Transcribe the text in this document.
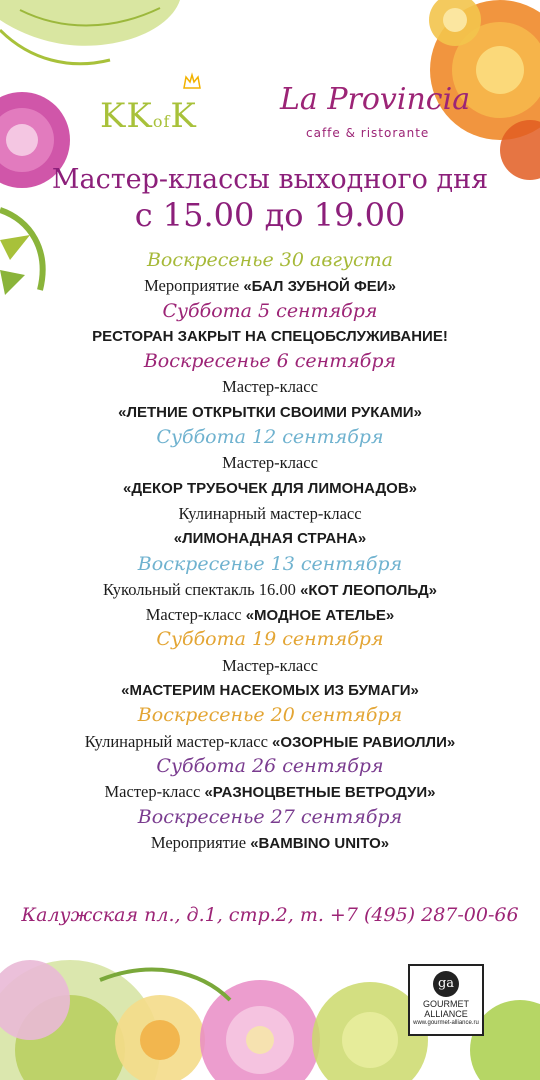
KKofK	La Provincia
caffe & ristorante
Мастер-классы выходного дня
с 15.00 до 19.00
Воскресенье 30 августа
Мероприятие «БАЛ ЗУБНОЙ ФЕИ»
Суббота 5 сентября
РЕСТОРАН ЗАКРЫТ НА СПЕЦОБСЛУЖИВАНИЕ!
Воскресенье 6 сентября
Мастер-класс
«ЛЕТНИЕ ОТКРЫТКИ СВОИМИ РУКАМИ»
Суббота 12 сентября
Мастер-класс
«ДЕКОР ТРУБОЧЕК ДЛЯ ЛИМОНАДОВ»
Кулинарный мастер-класс
«ЛИМОНАДНАЯ СТРАНА»
Воскресенье 13 сентября
Кукольный спектакль 16.00 «КОТ ЛЕОПОЛЬД»
Мастер-класс «МОДНОЕ АТЕЛЬЕ»
Суббота 19 сентября
Мастер-класс
«МАСТЕРИМ НАСЕКОМЫХ ИЗ БУМАГИ»
Воскресенье 20 сентября
Кулинарный мастер-класс «ОЗОРНЫЕ РАВИОЛЛИ»
Суббота 26 сентября
Мастер-класс «РАЗНОЦВЕТНЫЕ ВЕТРОДУИ»
Воскресенье 27 сентября
Мероприятие «BAMBINO UNITO»
Калужская пл., д.1, стр.2, т. +7 (495) 287-00-66
ga
GOURMET
ALLIANCE
www.gourmet-alliance.ru
